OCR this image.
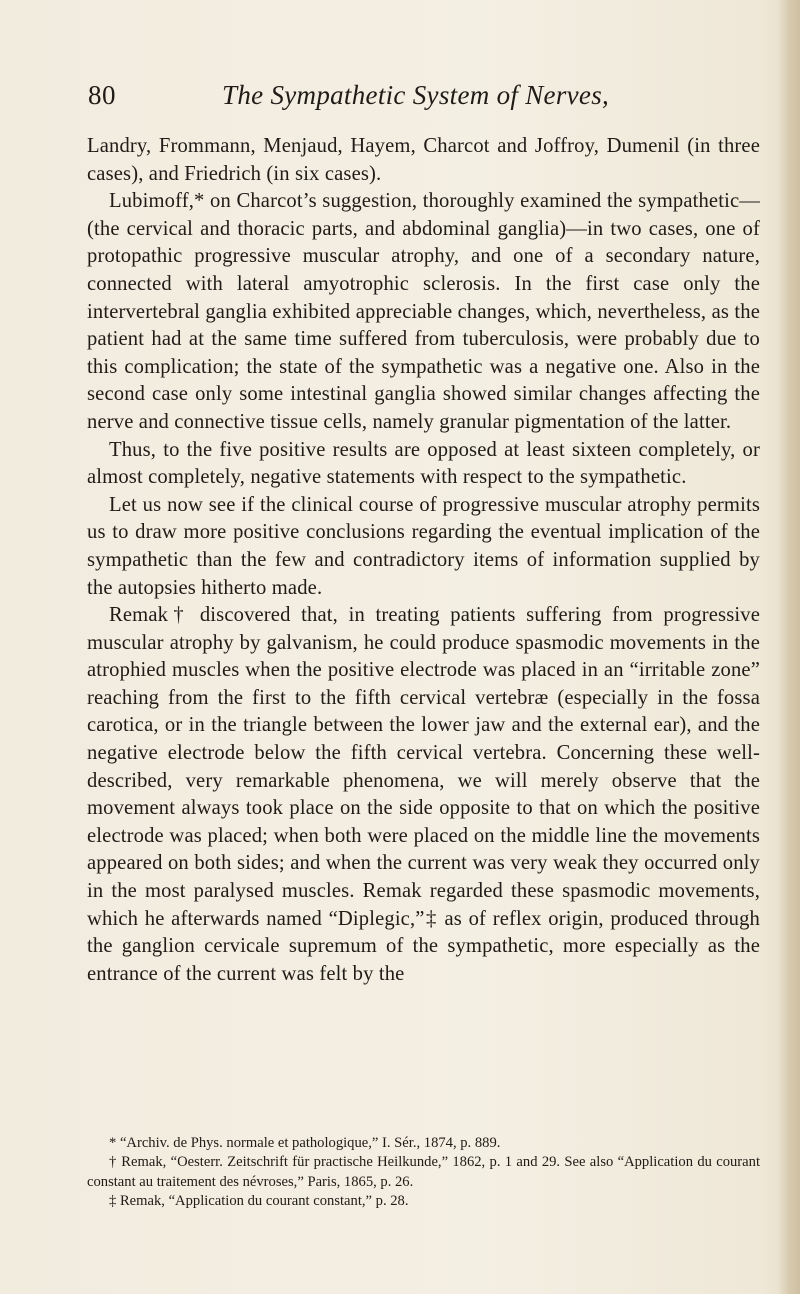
80	The Sympathetic System of Nerves,

Landry, Frommann, Menjaud, Hayem, Charcot and Joffroy, Dumenil (in three cases), and Friedrich (in six cases).

Lubimoff,* on Charcot’s suggestion, thoroughly examined the sympathetic—(the cervical and thoracic parts, and abdominal ganglia)—in two cases, one of protopathic progressive muscular atrophy, and one of a secondary nature, connected with lateral amyotrophic sclerosis. In the first case only the intervertebral ganglia exhibited appreciable changes, which, nevertheless, as the patient had at the same time suffered from tuberculosis, were probably due to this complication; the state of the sympathetic was a negative one. Also in the second case only some intestinal ganglia showed similar changes affecting the nerve and connective tissue cells, namely granular pigmentation of the latter.

Thus, to the five positive results are opposed at least sixteen completely, or almost completely, negative statements with respect to the sympathetic.

Let us now see if the clinical course of progressive muscular atrophy permits us to draw more positive conclusions regarding the eventual implication of the sympathetic than the few and contradictory items of information supplied by the autopsies hitherto made.

Remak† discovered that, in treating patients suffering from progressive muscular atrophy by galvanism, he could produce spasmodic movements in the atrophied muscles when the positive electrode was placed in an “irritable zone” reaching from the first to the fifth cervical vertebræ (especially in the fossa carotica, or in the triangle between the lower jaw and the external ear), and the negative electrode below the fifth cervical vertebra. Concerning these well-described, very remarkable phenomena, we will merely observe that the movement always took place on the side opposite to that on which the positive electrode was placed; when both were placed on the middle line the movements appeared on both sides; and when the current was very weak they occurred only in the most paralysed muscles. Remak regarded these spasmodic movements, which he afterwards named “Diplegic,”‡ as of reflex origin, produced through the ganglion cervicale supremum of the sympathetic, more especially as the entrance of the current was felt by the

* “Archiv. de Phys. normale et pathologique,” I. Sér., 1874, p. 889.

† Remak, “Oesterr. Zeitschrift für practische Heilkunde,” 1862, p. 1 and 29. See also “Application du courant constant au traitement des névroses,” Paris, 1865, p. 26.

‡ Remak, “Application du courant constant,” p. 28.
